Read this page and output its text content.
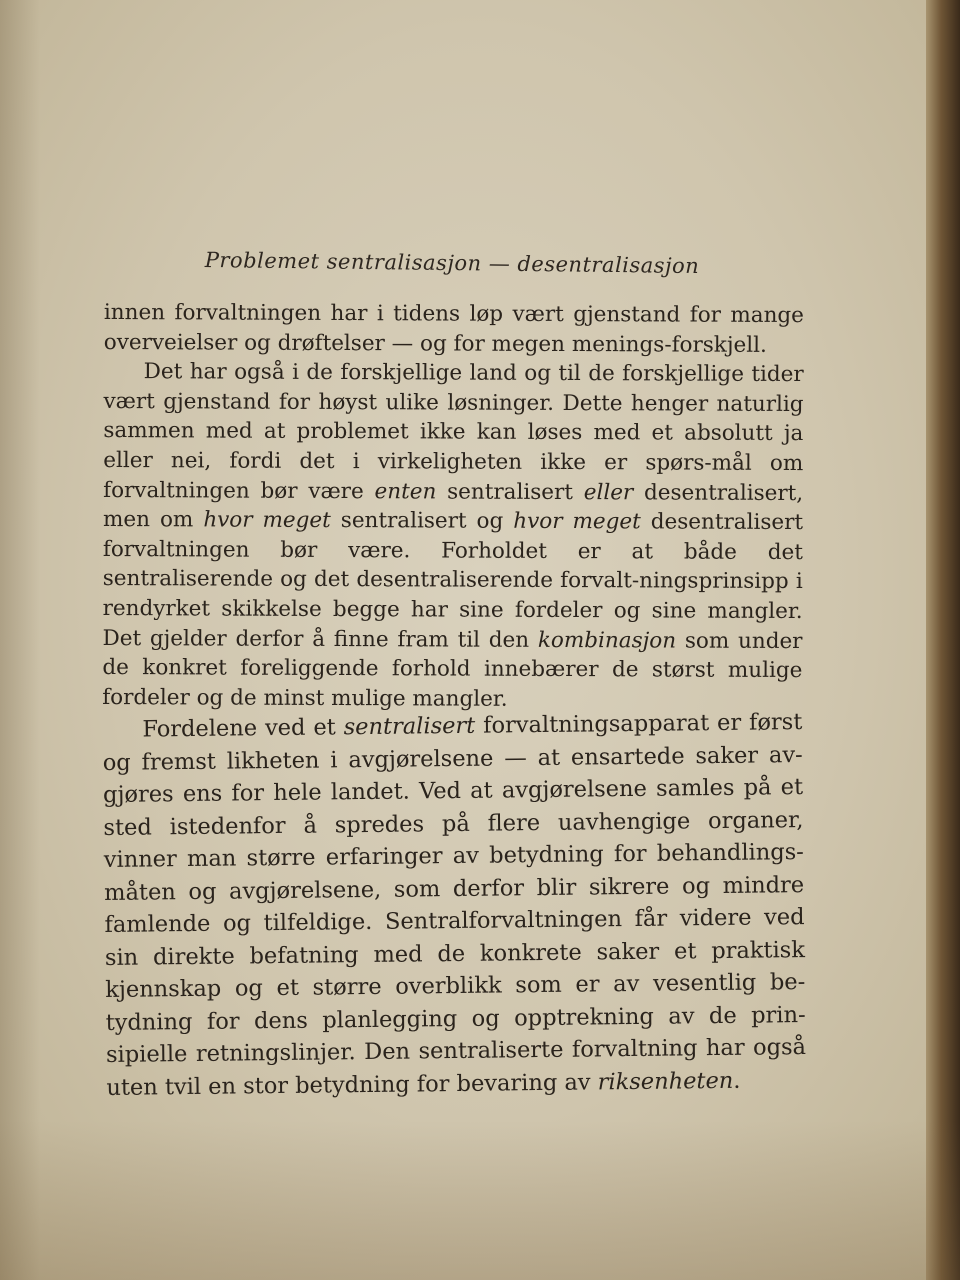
Problemet sentralisasjon — desentralisasjon

innen forvaltningen har i tidens løp vært gjenstand for mange overveielser og drøftelser — og for megen menings-forskjell.

Det har også i de forskjellige land og til de forskjellige tider vært gjenstand for høyst ulike løsninger. Dette henger naturlig sammen med at problemet ikke kan løses med et absolutt ja eller nei, fordi det i virkeligheten ikke er spørs-mål om forvaltningen bør være enten sentralisert eller desentralisert, men om hvor meget sentralisert og hvor meget desentralisert forvaltningen bør være. Forholdet er at både det sentraliserende og det desentraliserende forvalt-ningsprinsipp i rendyrket skikkelse begge har sine fordeler og sine mangler. Det gjelder derfor å finne fram til den kombinasjon som under de konkret foreliggende forhold innebærer de størst mulige fordeler og de minst mulige mangler.

Fordelene ved et sentralisert forvaltningsapparat er først og fremst likheten i avgjørelsene — at ensartede saker av-gjøres ens for hele landet. Ved at avgjørelsene samles på et sted istedenfor å spredes på flere uavhengige organer, vinner man større erfaringer av betydning for behandlings-måten og avgjørelsene, som derfor blir sikrere og mindre famlende og tilfeldige. Sentralforvaltningen får videre ved sin direkte befatning med de konkrete saker et praktisk kjennskap og et større overblikk som er av vesentlig be-tydning for dens planlegging og opptrekning av de prin-sipielle retningslinjer. Den sentraliserte forvaltning har også uten tvil en stor betydning for bevaring av riksenheten.
